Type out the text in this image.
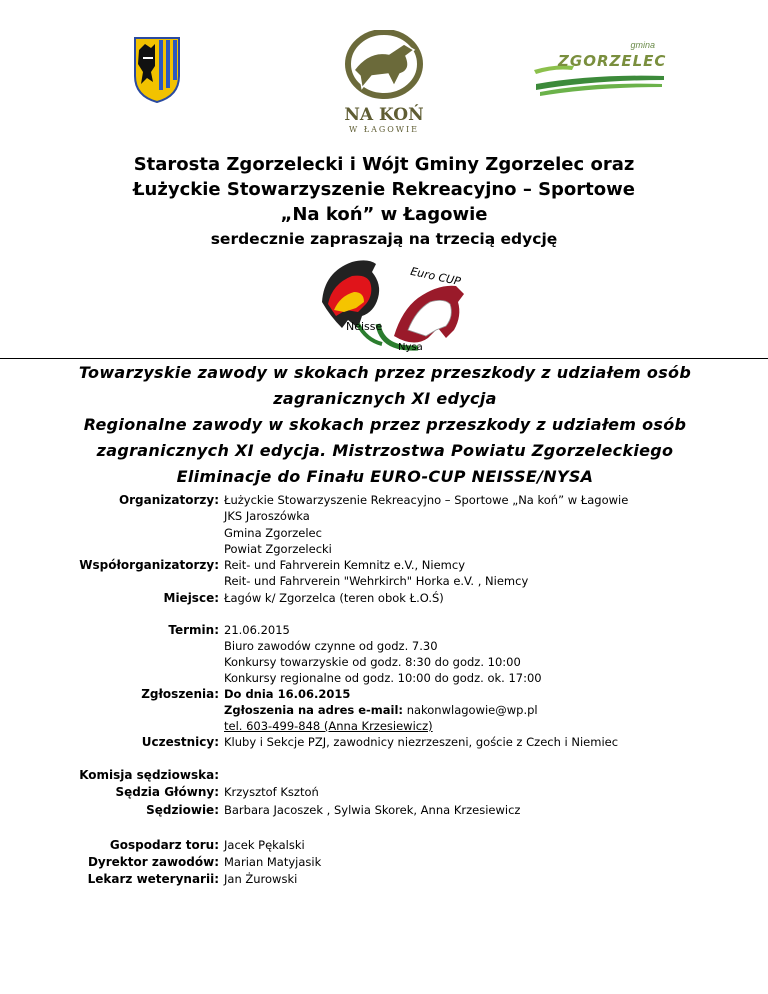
NA KOŃ
W ŁAGOWIE
gmina
ZGORZELEC
Starosta Zgorzelecki i Wójt Gminy Zgorzelec oraz
Łużyckie Stowarzyszenie Rekreacyjno – Sportowe
„Na koń” w Łagowie
serdecznie zapraszają na trzecią edycję
Euro CUP
Neisse
Nysa
Towarzyskie zawody w skokach przez przeszkody z udziałem osób
zagranicznych XI edycja
Regionalne zawody w skokach przez przeszkody z udziałem osób
zagranicznych XI edycja. Mistrzostwa Powiatu Zgorzeleckiego
Eliminacje do Finału EURO-CUP NEISSE/NYSA
Organizatorzy: Łużyckie Stowarzyszenie Rekreacyjno – Sportowe „Na koń” w Łagowie
JKS Jaroszówka
Gmina Zgorzelec
Powiat Zgorzelecki
Współorganizatorzy: Reit- und Fahrverein Kemnitz e.V., Niemcy
Reit- und Fahrverein "Wehrkirch" Horka e.V. , Niemcy
Miejsce: Łagów k/ Zgorzelca (teren obok Ł.O.Ś)
Termin: 21.06.2015
Biuro zawodów czynne od godz. 7.30
Konkursy towarzyskie od godz. 8:30 do godz. 10:00
Konkursy regionalne od godz. 10:00 do godz. ok. 17:00
Zgłoszenia: Do dnia 16.06.2015
Zgłoszenia na adres e-mail: nakonwlagowie@wp.pl
tel. 603-499-848 (Anna Krzesiewicz)
Uczestnicy: Kluby i Sekcje PZJ, zawodnicy niezrzeszeni, goście z Czech i Niemiec
Komisja sędziowska:
Sędzia Główny: Krzysztof Ksztoń
Sędziowie: Barbara Jacoszek , Sylwia Skorek, Anna Krzesiewicz
Gospodarz toru: Jacek Pękalski
Dyrektor zawodów: Marian Matyjasik
Lekarz weterynarii: Jan Żurowski
